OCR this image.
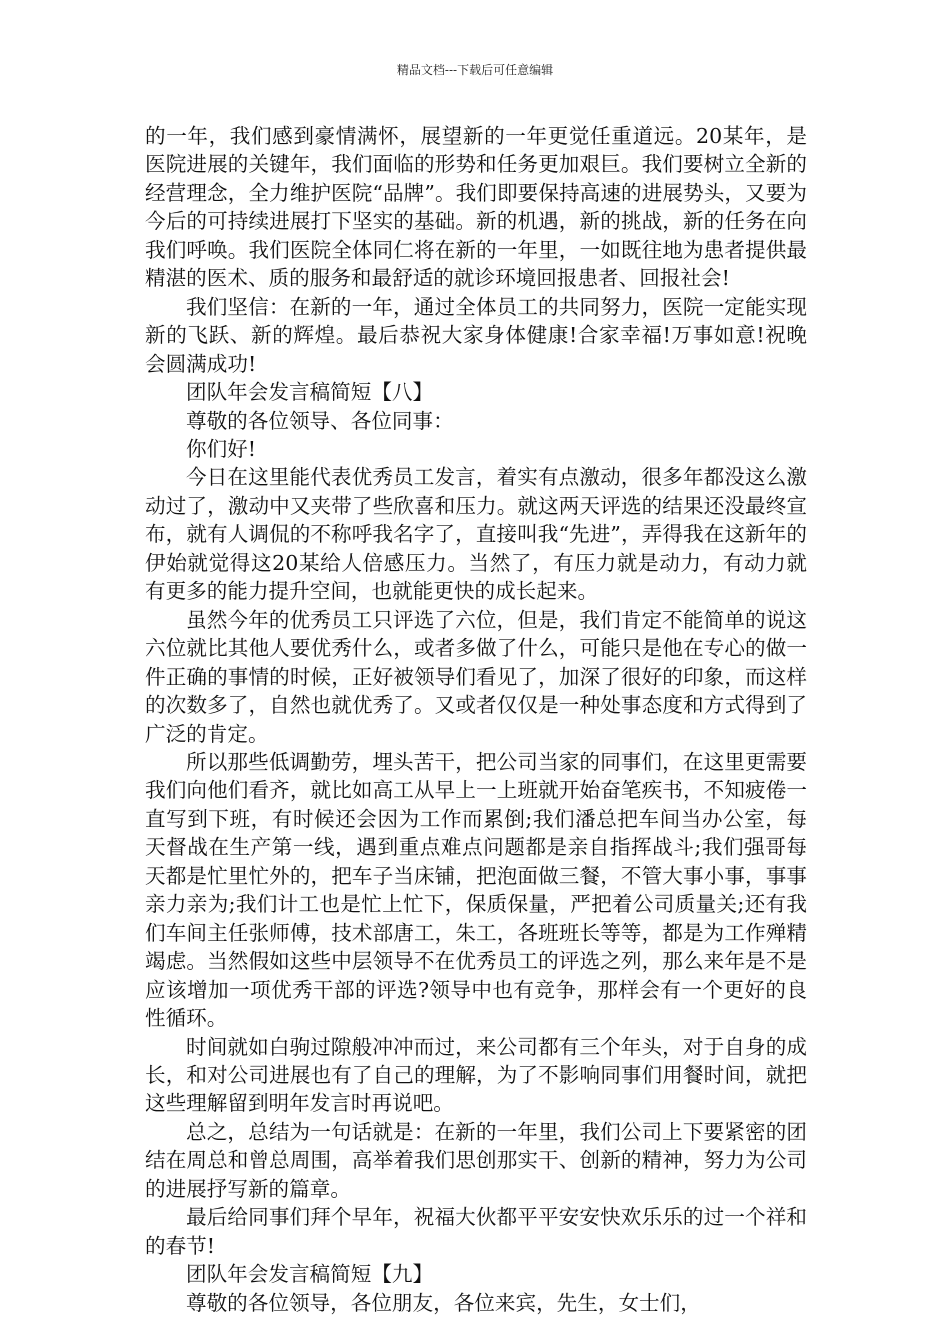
精品文档---下载后可任意编辑

的一年，我们感到豪情满怀，展望新的一年更觉任重道远。20某年，是医院进展的关键年，我们面临的形势和任务更加艰巨。我们要树立全新的经营理念，全力维护医院“品牌”。我们即要保持高速的进展势头，又要为今后的可持续进展打下坚实的基础。新的机遇，新的挑战，新的任务在向我们呼唤。我们医院全体同仁将在新的一年里，一如既往地为患者提供最精湛的医术、质的服务和最舒适的就诊环境回报患者、回报社会!

我们坚信：在新的一年，通过全体员工的共同努力，医院一定能实现新的飞跃、新的辉煌。最后恭祝大家身体健康!合家幸福!万事如意!祝晚会圆满成功!

团队年会发言稿简短【八】

尊敬的各位领导、各位同事：

你们好!

今日在这里能代表优秀员工发言，着实有点激动，很多年都没这么激动过了，激动中又夹带了些欣喜和压力。就这两天评选的结果还没最终宣布，就有人调侃的不称呼我名字了，直接叫我“先进”，弄得我在这新年的伊始就觉得这20某给人倍感压力。当然了，有压力就是动力，有动力就有更多的能力提升空间，也就能更快的成长起来。

虽然今年的优秀员工只评选了六位，但是，我们肯定不能简单的说这六位就比其他人要优秀什么，或者多做了什么，可能只是他在专心的做一件正确的事情的时候，正好被领导们看见了，加深了很好的印象，而这样的次数多了，自然也就优秀了。又或者仅仅是一种处事态度和方式得到了广泛的肯定。

所以那些低调勤劳，埋头苦干，把公司当家的同事们，在这里更需要我们向他们看齐，就比如高工从早上一上班就开始奋笔疾书，不知疲倦一直写到下班，有时候还会因为工作而累倒;我们潘总把车间当办公室，每天督战在生产第一线，遇到重点难点问题都是亲自指挥战斗;我们强哥每天都是忙里忙外的，把车子当床铺，把泡面做三餐，不管大事小事，事事亲力亲为;我们计工也是忙上忙下，保质保量，严把着公司质量关;还有我们车间主任张师傅，技术部唐工，朱工，各班班长等等，都是为工作殚精竭虑。当然假如这些中层领导不在优秀员工的评选之列，那么来年是不是应该增加一项优秀干部的评选?领导中也有竞争，那样会有一个更好的良性循环。

时间就如白驹过隙般冲冲而过，来公司都有三个年头，对于自身的成长，和对公司进展也有了自己的理解，为了不影响同事们用餐时间，就把这些理解留到明年发言时再说吧。

总之，总结为一句话就是：在新的一年里，我们公司上下要紧密的团结在周总和曾总周围，高举着我们思创那实干、创新的精神，努力为公司的进展抒写新的篇章。

最后给同事们拜个早年，祝福大伙都平平安安快欢乐乐的过一个祥和的春节!

团队年会发言稿简短【九】

尊敬的各位领导，各位朋友，各位来宾，先生，女士们，
